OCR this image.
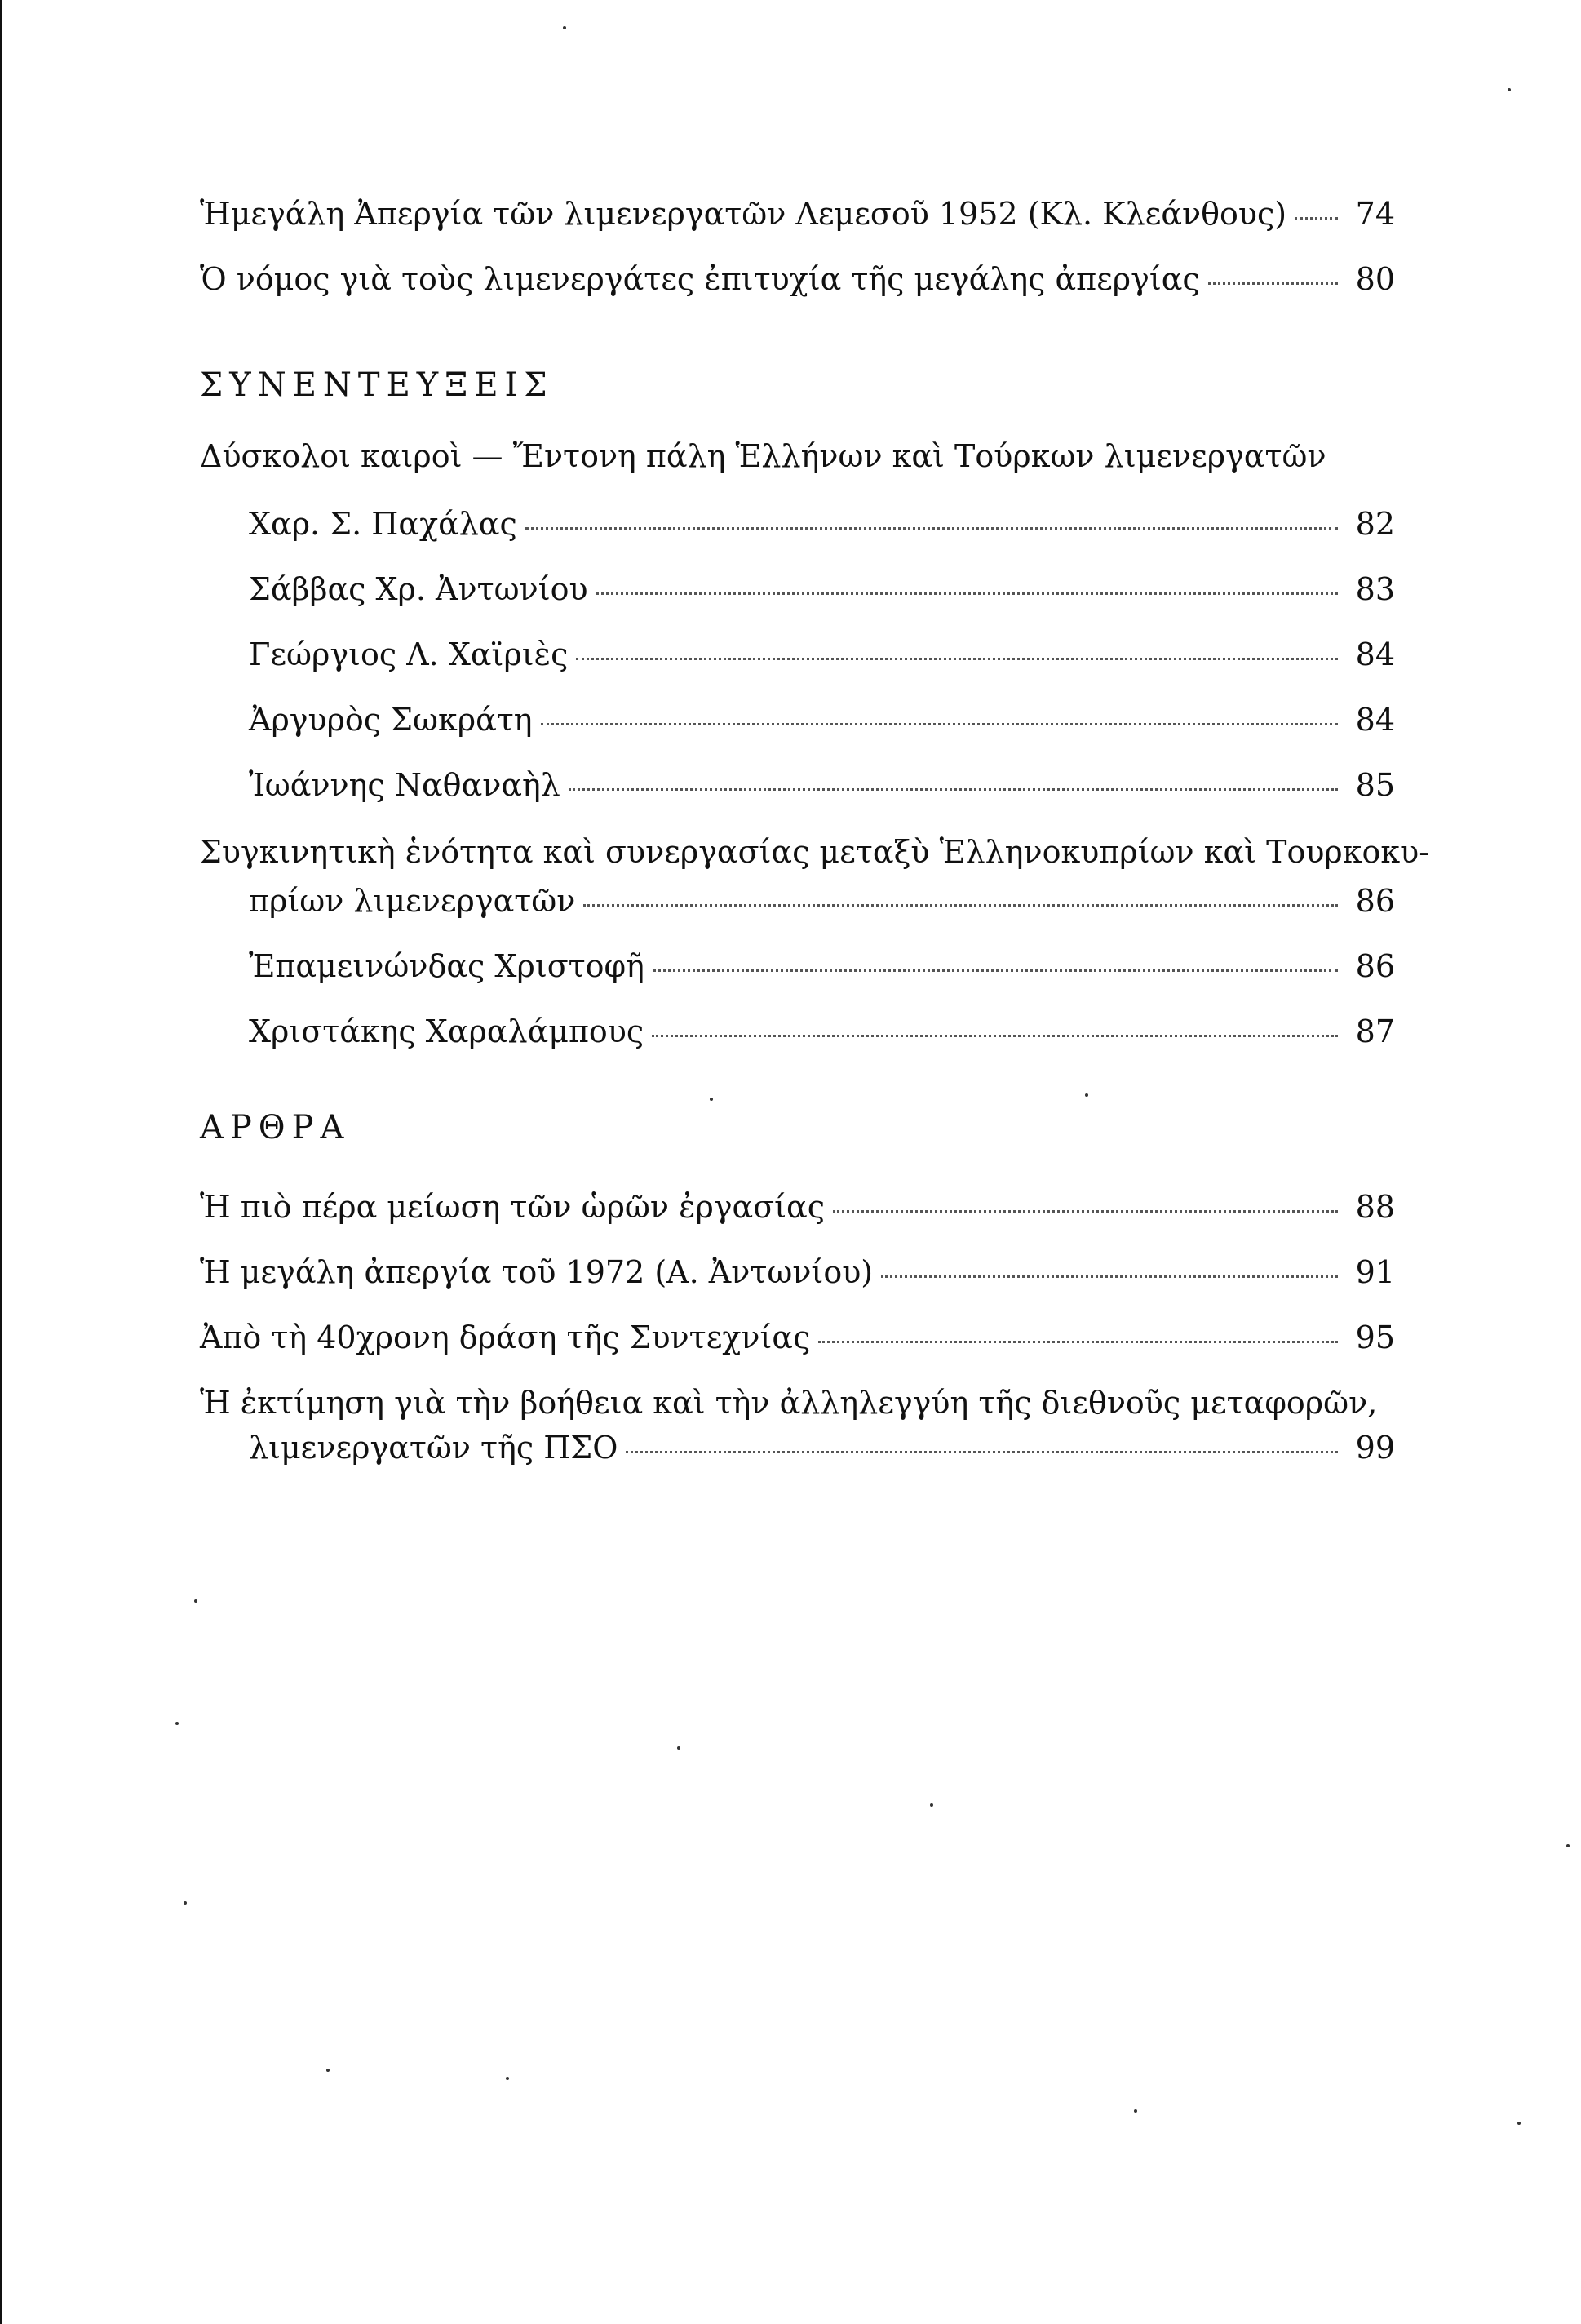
Ἡμεγάλη Ἀπεργία τῶν λιμενεργατῶν Λεμεσοῦ 1952 (Κλ. Κλεάνθους)	74
Ὁ νόμος γιὰ τοὺς λιμενεργάτες ἐπιτυχία τῆς μεγάλης ἀπεργίας	80
ΣΥΝΕΝΤΕΥΞΕΙΣ
Δύσκολοι καιροὶ — Ἔντονη πάλη Ἑλλήνων καὶ Τούρκων λιμενεργατῶν
Χαρ. Σ. Παχάλας	82
Σάββας Χρ. Ἀντωνίου	83
Γεώργιος Λ. Χαϊριὲς	84
Ἀργυρὸς Σωκράτη	84
Ἰωάννης Ναθαναὴλ	85
Συγκινητικὴ ἑνότητα καὶ συνεργασίας μεταξὺ Ἑλληνοκυπρίων καὶ Τουρκοκυ-
πρίων λιμενεργατῶν	86
Ἐπαμεινώνδας Χριστοφῆ	86
Χριστάκης Χαραλάμπους	87
ΑΡΘΡΑ
Ἡ πιὸ πέρα μείωση τῶν ὡρῶν ἐργασίας	88
Ἡ μεγάλη ἀπεργία τοῦ 1972 (Α. Ἀντωνίου)	91
Ἀπὸ τὴ 40χρονη δράση τῆς Συντεχνίας	95
Ἡ ἐκτίμηση γιὰ τὴν βοήθεια καὶ τὴν ἀλληλεγγύη τῆς διεθνοῦς μεταφορῶν,
λιμενεργατῶν τῆς ΠΣΟ	99
